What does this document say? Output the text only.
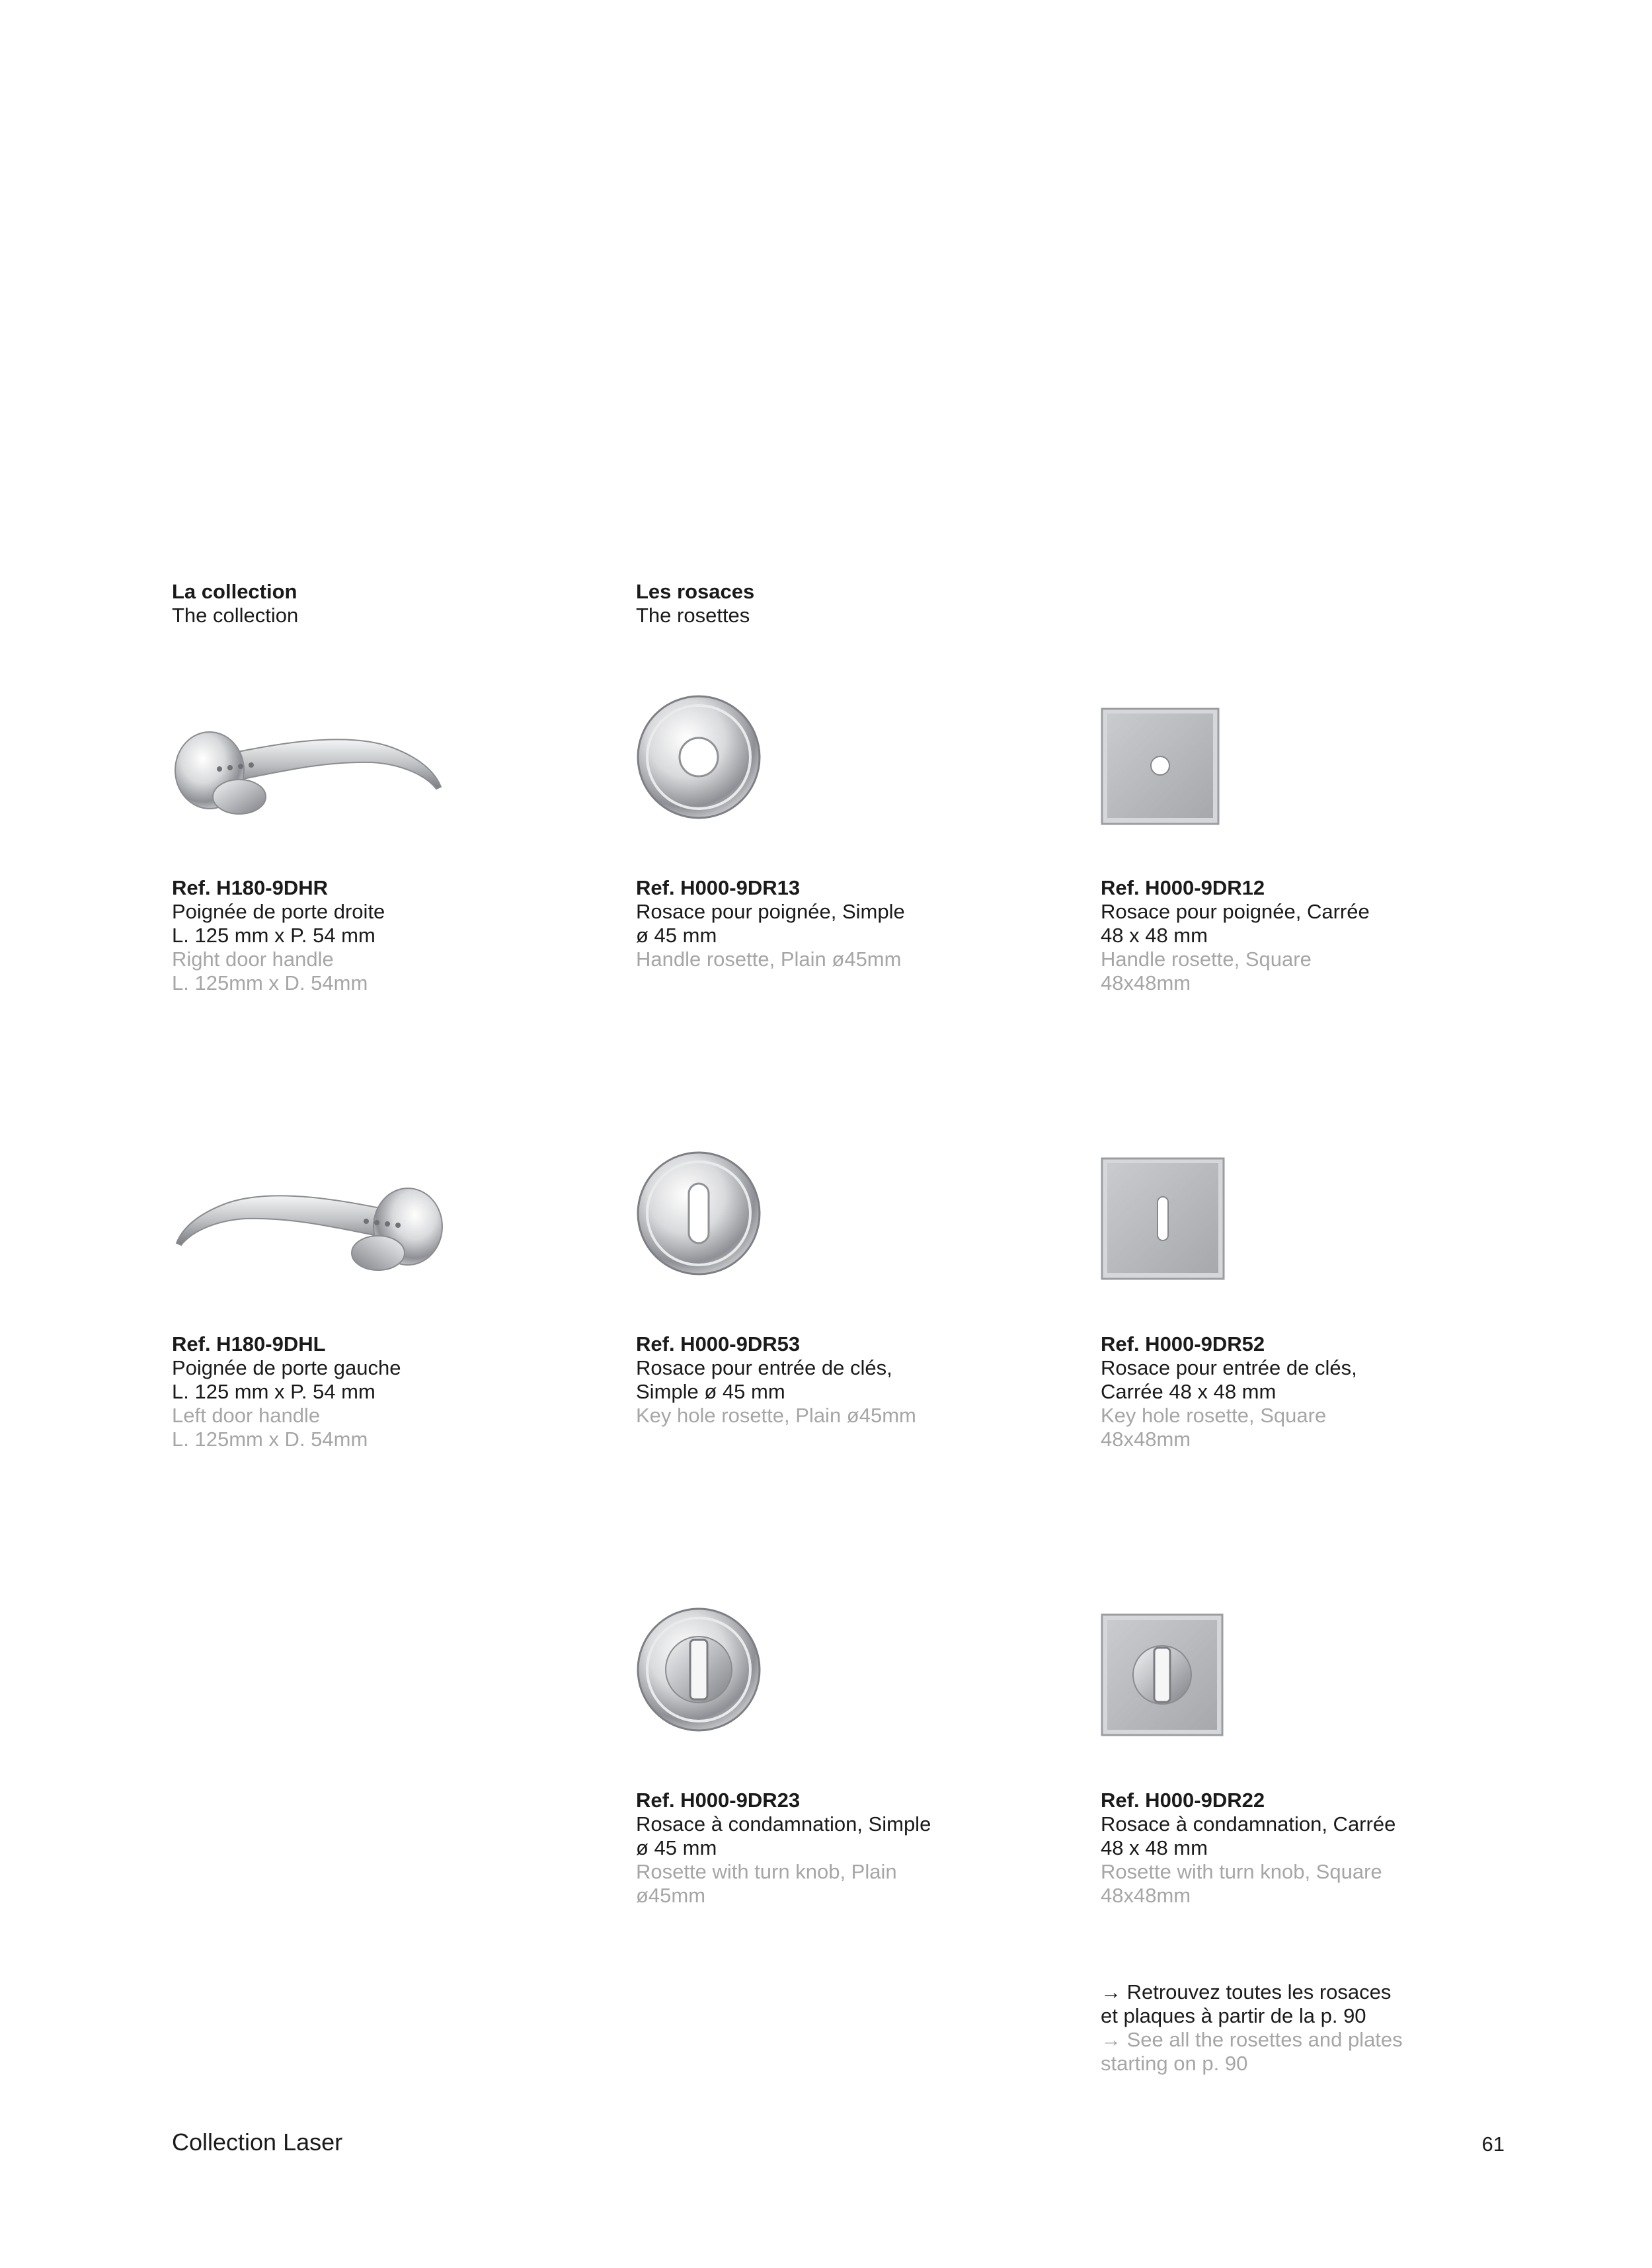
La collection
The collection
Les rosaces
The rosettes
Ref. H180-9DHR
Poignée de porte droite
L. 125 mm x P. 54 mm
Right door handle
L. 125mm x D. 54mm
Ref. H000-9DR13
Rosace pour poignée, Simple
ø 45 mm
Handle rosette, Plain ø45mm
Ref. H000-9DR12
Rosace pour poignée, Carrée
48 x 48 mm
Handle rosette, Square
48x48mm
Ref. H180-9DHL
Poignée de porte gauche
L. 125 mm x P. 54 mm
Left door handle
L. 125mm x D. 54mm
Ref. H000-9DR53
Rosace pour entrée de clés,
Simple ø 45 mm
Key hole rosette, Plain ø45mm
Ref. H000-9DR52
Rosace pour entrée de clés,
Carrée 48 x 48 mm
Key hole rosette, Square
48x48mm
Ref. H000-9DR23
Rosace à condamnation, Simple
ø 45 mm
Rosette with turn knob, Plain
ø45mm
Ref. H000-9DR22
Rosace à condamnation, Carrée
48 x 48 mm
Rosette with turn knob, Square
48x48mm
→ Retrouvez toutes les rosaces
et plaques à partir de la p. 90
→ See all the rosettes and plates
starting on p. 90
Collection Laser	61
